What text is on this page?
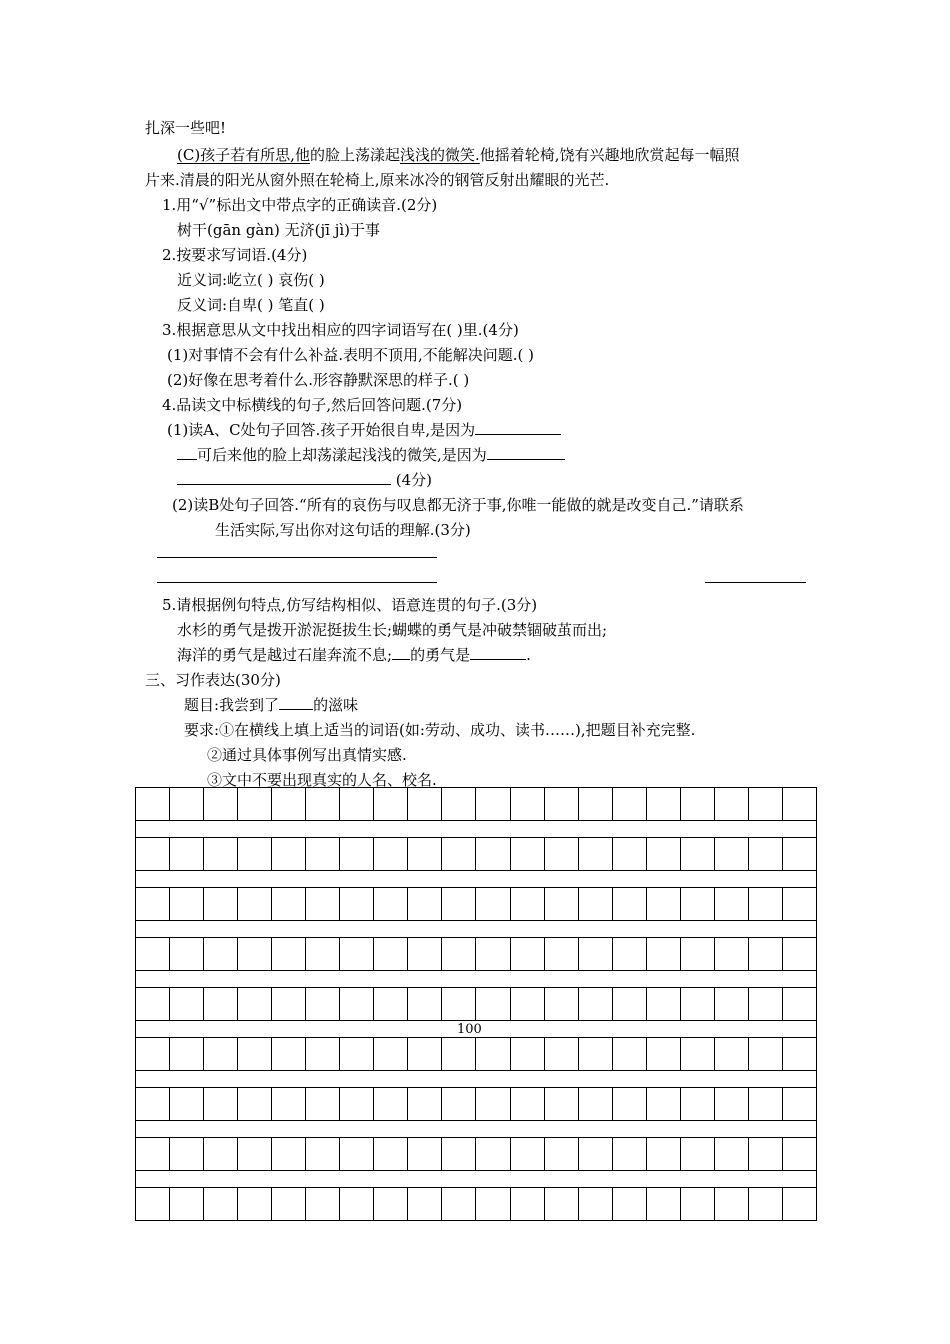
扎深一些吧!
(C)孩子若有所思,他的脸上荡漾起浅浅的微笑.他摇着轮椅,饶有兴趣地欣赏起每一幅照
片来.清晨的阳光从窗外照在轮椅上,原来冰冷的钢管反射出耀眼的光芒.
1.用“√”标出文中带点字的正确读音.(2分)
树干(gān gàn) 无济(jī jì)于事
2.按要求写词语.(4分)
近义词:屹立( ) 哀伤( )
反义词:自卑( ) 笔直( )
3.根据意思从文中找出相应的四字词语写在( )里.(4分)
(1)对事情不会有什么补益.表明不顶用,不能解决问题.( )
(2)好像在思考着什么.形容静默深思的样子.( )
4.品读文中标横线的句子,然后回答问题.(7分)
(1)读A、C处句子回答.孩子开始很自卑,是因为
可后来他的脸上却荡漾起浅浅的微笑,是因为
(4分)
(2)读B处句子回答.“所有的哀伤与叹息都无济于事,你唯一能做的就是改变自己.”请联系
生活实际,写出你对这句话的理解.(3分)
5.请根据例句特点,仿写结构相似、语意连贯的句子.(3分)
水杉的勇气是拨开淤泥挺拔生长;蝴蝶的勇气是冲破禁锢破茧而出;
海洋的勇气是越过石崖奔流不息; 的勇气是	.
三、习作表达(30分)
题目:我尝到了 的滋味
要求:①在横线上填上适当的词语(如:劳动、成功、读书……),把题目补充完整.
②通过具体事例写出真情实感.
③文中不要出现真实的人名、校名.
100
